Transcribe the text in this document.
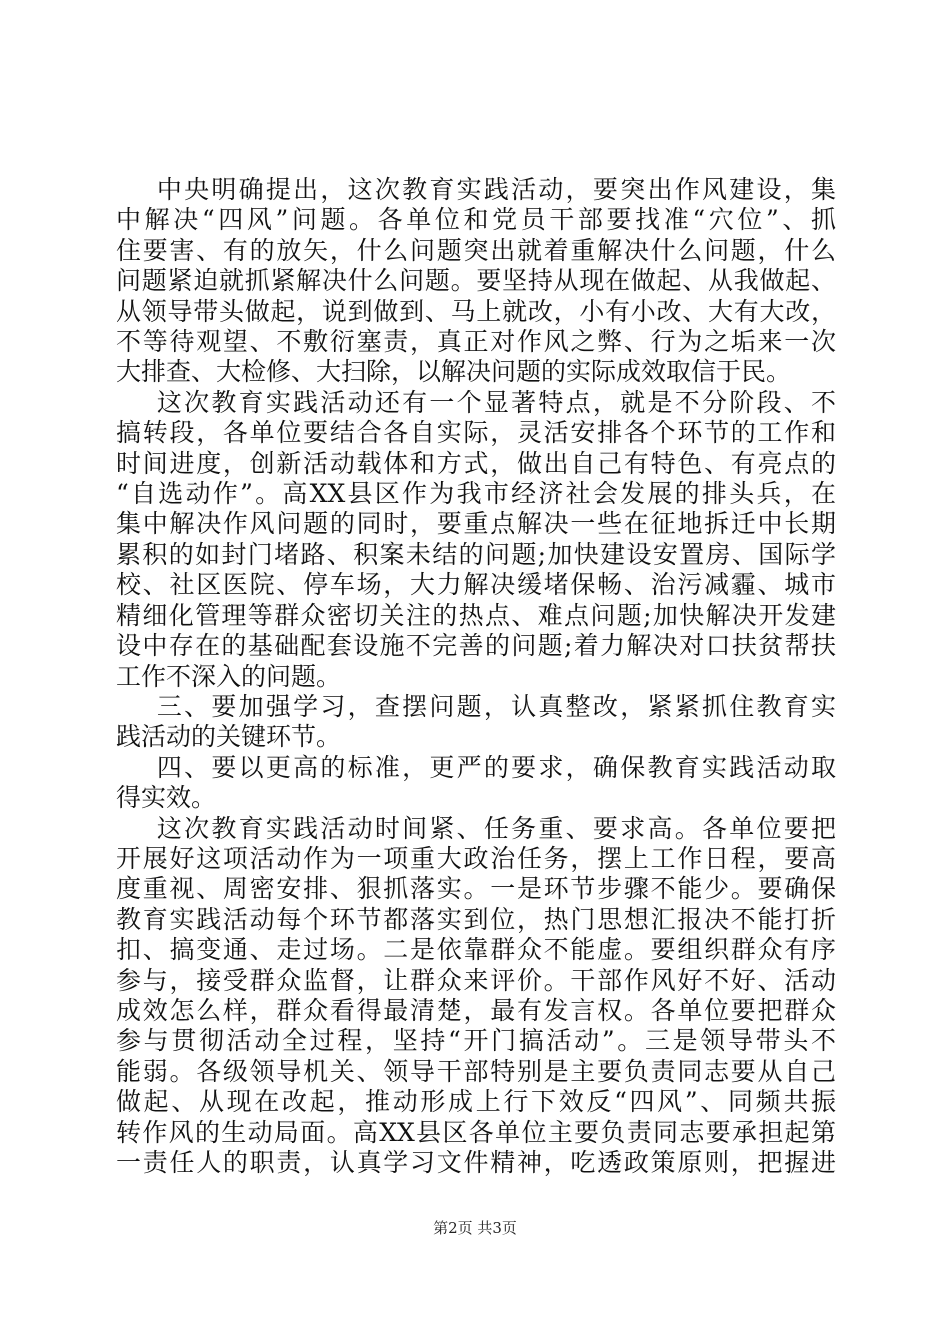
中央明确提出，这次教育实践活动，要突出作风建设，集
中解决“四风”问题。各单位和党员干部要找准“穴位”、抓
住要害、有的放矢，什么问题突出就着重解决什么问题，什么
问题紧迫就抓紧解决什么问题。要坚持从现在做起、从我做起、
从领导带头做起，说到做到、马上就改，小有小改、大有大改，
不等待观望、不敷衍塞责，真正对作风之弊、行为之垢来一次
大排查、大检修、大扫除，以解决问题的实际成效取信于民。
这次教育实践活动还有一个显著特点，就是不分阶段、不
搞转段，各单位要结合各自实际，灵活安排各个环节的工作和
时间进度，创新活动载体和方式，做出自己有特色、有亮点的
“自选动作”。高XX县区作为我市经济社会发展的排头兵，在
集中解决作风问题的同时，要重点解决一些在征地拆迁中长期
累积的如封门堵路、积案未结的问题;加快建设安置房、国际学
校、社区医院、停车场，大力解决缓堵保畅、治污减霾、城市
精细化管理等群众密切关注的热点、难点问题;加快解决开发建
设中存在的基础配套设施不完善的问题;着力解决对口扶贫帮扶
工作不深入的问题。
三、要加强学习，查摆问题，认真整改，紧紧抓住教育实
践活动的关键环节。
四、要以更高的标准，更严的要求，确保教育实践活动取
得实效。
这次教育实践活动时间紧、任务重、要求高。各单位要把
开展好这项活动作为一项重大政治任务，摆上工作日程，要高
度重视、周密安排、狠抓落实。一是环节步骤不能少。要确保
教育实践活动每个环节都落实到位，热门思想汇报决不能打折
扣、搞变通、走过场。二是依靠群众不能虚。要组织群众有序
参与，接受群众监督，让群众来评价。干部作风好不好、活动
成效怎么样，群众看得最清楚，最有发言权。各单位要把群众
参与贯彻活动全过程，坚持“开门搞活动”。三是领导带头不
能弱。各级领导机关、领导干部特别是主要负责同志要从自己
做起、从现在改起，推动形成上行下效反“四风”、同频共振
转作风的生动局面。高XX县区各单位主要负责同志要承担起第
一责任人的职责，认真学习文件精神，吃透政策原则，把握进
第2页 共3页
